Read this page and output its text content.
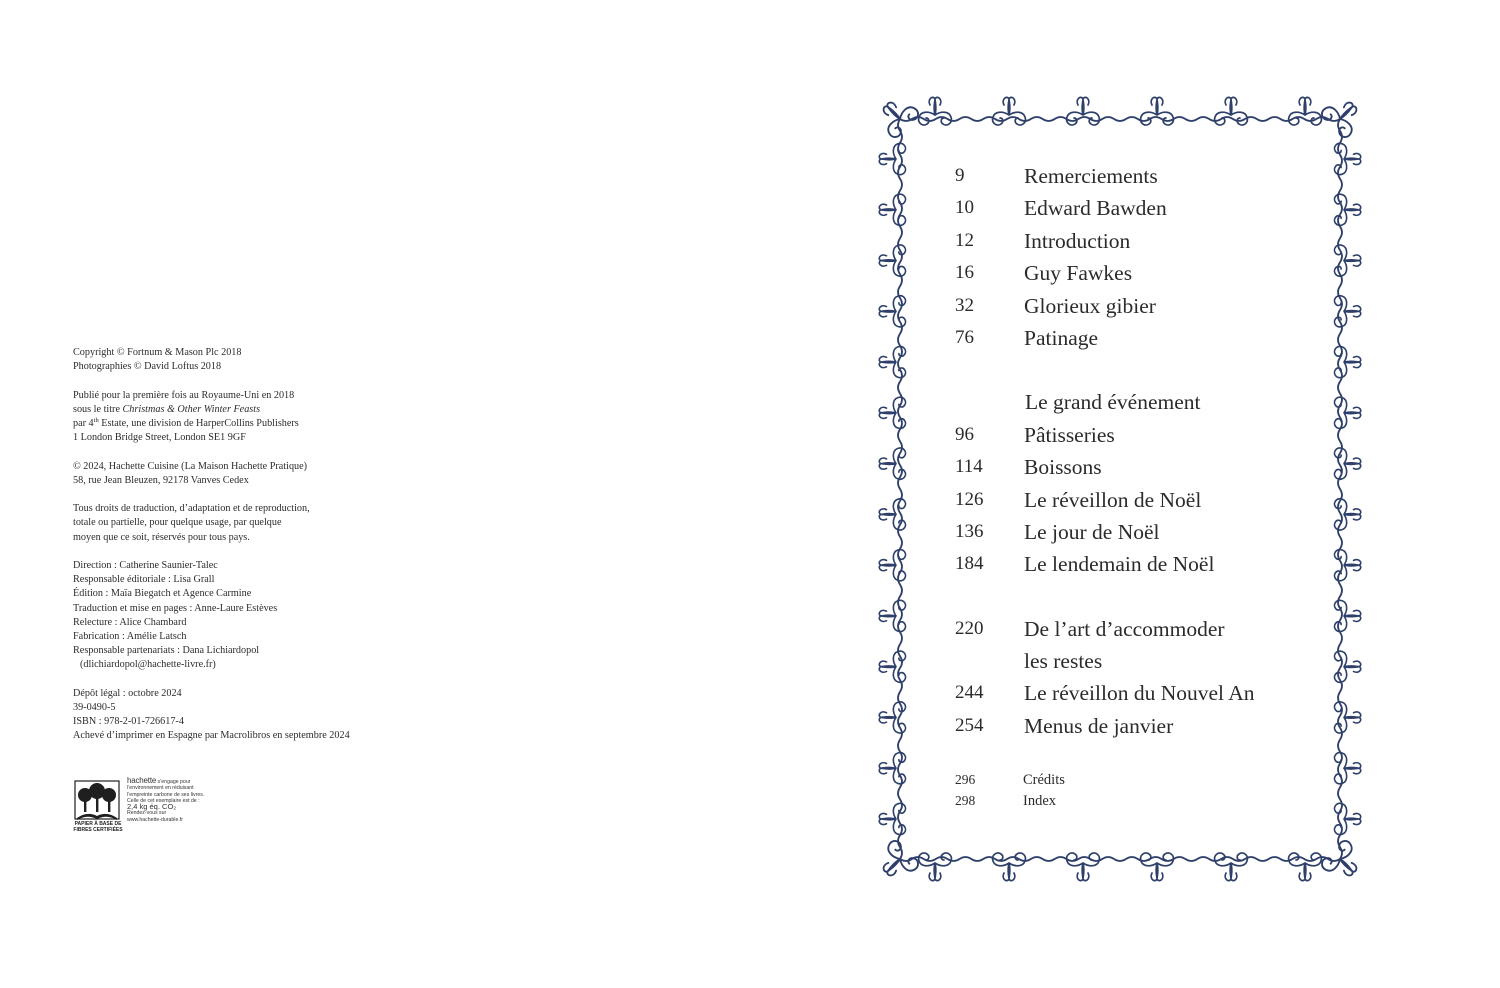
Copyright © Fortnum & Mason Plc 2018
Photographies © David Loftus 2018
Publié pour la première fois au Royaume-Uni en 2018
sous le titre Christmas & Other Winter Feasts
par 4th Estate, une division de HarperCollins Publishers
1 London Bridge Street, London SE1 9GF
© 2024, Hachette Cuisine (La Maison Hachette Pratique)
58, rue Jean Bleuzen, 92178 Vanves Cedex
Tous droits de traduction, d’adaptation et de reproduction,
totale ou partielle, pour quelque usage, par quelque
moyen que ce soit, réservés pour tous pays.
Direction : Catherine Saunier-Talec
Responsable éditoriale : Lisa Grall
Édition : Maïa Biegatch et Agence Carmine
Traduction et mise en pages : Anne-Laure Estèves
Relecture : Alice Chambard
Fabrication : Amélie Latsch
Responsable partenariats : Dana Lichiardopol
(dlichiardopol@hachette-livre.fr)
Dépôt légal : octobre 2024
39-0490-5
ISBN : 978-2-01-726617-4
Achevé d’imprimer en Espagne par Macrolibros en septembre 2024
PAPIER À BASE DE
FIBRES CERTIFIÉES
hachette s’engage pour
l’environnement en réduisant
l’empreinte carbone de ses livres.
Celle de cet exemplaire est de :
2,4 kg éq. CO₂
Rendez-vous sur
www.hachette-durable.fr
9	Remerciements
10 Edward Bawden
12 Introduction
16 Guy Fawkes
32 Glorieux gibier
76 Patinage
Le grand événement
96 Pâtisseries
114 Boissons
126 Le réveillon de Noël
136 Le jour de Noël
184 Le lendemain de Noël
220 De l’art d’accommoder
les restes
244 Le réveillon du Nouvel An
254 Menus de janvier
296	Crédits
298	Index
